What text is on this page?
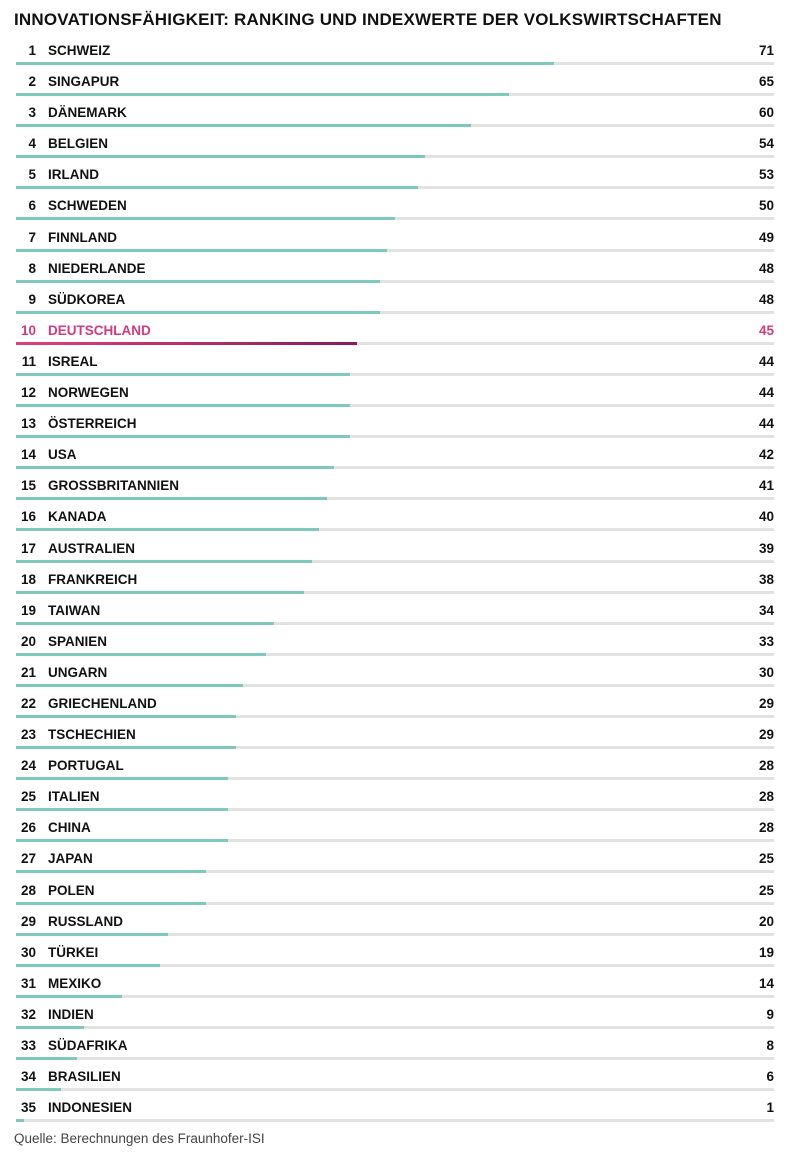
INNOVATIONSFÄHIGKEIT: RANKING UND INDEXWERTE DER VOLKSWIRTSCHAFTEN
1 SCHWEIZ	71
2 SINGAPUR	65
3 DÄNEMARK	60
4 BELGIEN	54
5 IRLAND	53
6 SCHWEDEN	50
7 FINNLAND	49
8 NIEDERLANDE	48
9 SÜDKOREA	48
10 DEUTSCHLAND	45
11 ISREAL	44
12 NORWEGEN	44
13 ÖSTERREICH	44
14 USA	42
15 GROSSBRITANNIEN	41
16 KANADA	40
17 AUSTRALIEN	39
18 FRANKREICH	38
19 TAIWAN	34
20 SPANIEN	33
21 UNGARN	30
22 GRIECHENLAND	29
23 TSCHECHIEN	29
24 PORTUGAL	28
25 ITALIEN	28
26 CHINA	28
27 JAPAN	25
28 POLEN	25
29 RUSSLAND	20
30 TÜRKEI	19
31 MEXIKO	14
32 INDIEN	9
33 SÜDAFRIKA	8
34 BRASILIEN	6
35 INDONESIEN	1
Quelle: Berechnungen des Fraunhofer-ISI
